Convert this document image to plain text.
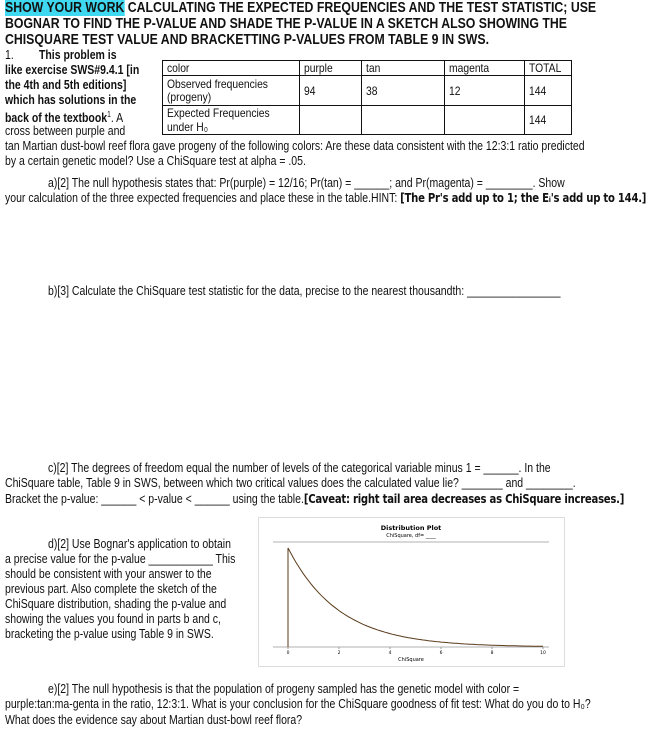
SHOW YOUR WORK CALCULATING THE EXPECTED FREQUENCIES AND THE TEST STATISTIC; USE
BOGNAR TO FIND THE P-VALUE AND SHADE THE P-VALUE IN A SKETCH ALSO SHOWING THE
CHISQUARE TEST VALUE AND BRACKETTING P-VALUES FROM TABLE 9 IN SWS.
1. This problem is
like exercise SWS#9.4.1 [in
the 4th and 5th editions]
which has solutions in the
back of the textbook$^1$. A
cross between purple and
tan Martian dust-bowl reef flora gave progeny of the following colors: Are these data consistent with the 12:3:1 ratio predicted
by a certain genetic model? Use a ChiSquare test at alpha = .05.
color	purple	tan	magenta	TOTAL
Observed frequencies (progeny)	94	38	12	144
Expected Frequencies under H₀				144
a)[2] The null hypothesis states that: Pr(purple) = 12/16; Pr(tan) = ______; and Pr(magenta) = ________. Show
your calculation of the three expected frequencies and place these in the table.HINT: [The Pr's add up to 1; the Eᵢ's add up to 144.]
b)[3] Calculate the ChiSquare test statistic for the data, precise to the nearest thousandth: ________________
c)[2] The degrees of freedom equal the number of levels of the categorical variable minus 1 = ______. In the
ChiSquare table, Table 9 in SWS, between which two critical values does the calculated value lie? _______ and ________.
Bracket the p-value: ______ < p-value < ______ using the table.[Caveat: right tail area decreases as ChiSquare increases.]
d)[2] Use Bognar's application to obtain
a precise value for the p-value ___________ This
should be consistent with your answer to the
previous part. Also complete the sketch of the
ChiSquare distribution, shading the p-value and
showing the values you found in parts b and c,
bracketing the p-value using Table 9 in SWS.
Distribution Plot
ChiSquare, df= ____
0	2	4	6	8	10
ChiSquare
e)[2] The null hypothesis is that the population of progeny sampled has the genetic model with color =
purple:tan:ma-genta in the ratio, 12:3:1. What is your conclusion for the ChiSquare goodness of fit test: What do you do to H₀?
What does the evidence say about Martian dust-bowl reef flora?
